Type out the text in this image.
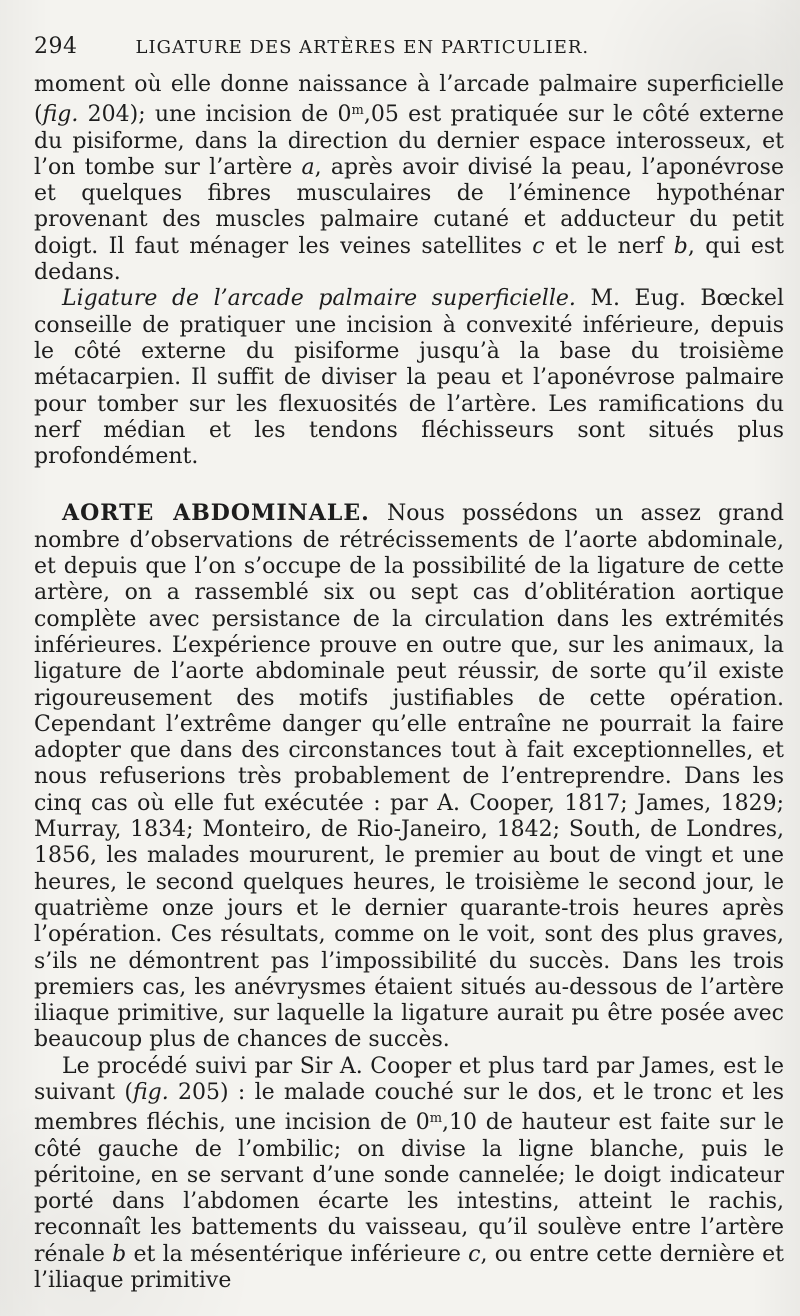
294	LIGATURE DES ARTÈRES EN PARTICULIER.

moment où elle donne naissance à l’arcade palmaire superficielle (fig. 204); une incision de 0$^m$,05 est pratiquée sur le côté externe du pisiforme, dans la direction du dernier espace interosseux, et l’on tombe sur l’artère a, après avoir divisé la peau, l’aponévrose et quelques fibres musculaires de l’éminence hypothénar provenant des muscles palmaire cutané et adducteur du petit doigt. Il faut ménager les veines satellites c et le nerf b, qui est dedans.

Ligature de l’arcade palmaire superficielle. M. Eug. Bœckel conseille de pratiquer une incision à convexité inférieure, depuis le côté externe du pisiforme jusqu’à la base du troisième métacarpien. Il suffit de diviser la peau et l’aponévrose palmaire pour tomber sur les flexuosités de l’artère. Les ramifications du nerf médian et les tendons fléchisseurs sont situés plus profondément.

AORTE ABDOMINALE. Nous possédons un assez grand nombre d’observations de rétrécissements de l’aorte abdominale, et depuis que l’on s’occupe de la possibilité de la ligature de cette artère, on a rassemblé six ou sept cas d’oblitération aortique complète avec persistance de la circulation dans les extrémités inférieures. L’expérience prouve en outre que, sur les animaux, la ligature de l’aorte abdominale peut réussir, de sorte qu’il existe rigoureusement des motifs justifiables de cette opération. Cependant l’extrême danger qu’elle entraîne ne pourrait la faire adopter que dans des circonstances tout à fait exceptionnelles, et nous refuserions très probablement de l’entreprendre. Dans les cinq cas où elle fut exécutée : par A. Cooper, 1817; James, 1829; Murray, 1834; Monteiro, de Rio-Janeiro, 1842; South, de Londres, 1856, les malades moururent, le premier au bout de vingt et une heures, le second quelques heures, le troisième le second jour, le quatrième onze jours et le dernier quarante-trois heures après l’opération. Ces résultats, comme on le voit, sont des plus graves, s’ils ne démontrent pas l’impossibilité du succès. Dans les trois premiers cas, les anévrysmes étaient situés au-dessous de l’artère iliaque primitive, sur laquelle la ligature aurait pu être posée avec beaucoup plus de chances de succès.

Le procédé suivi par Sir A. Cooper et plus tard par James, est le suivant (fig. 205) : le malade couché sur le dos, et le tronc et les membres fléchis, une incision de 0$^m$,10 de hauteur est faite sur le côté gauche de l’ombilic; on divise la ligne blanche, puis le péritoine, en se servant d’une sonde cannelée; le doigt indicateur porté dans l’abdomen écarte les intestins, atteint le rachis, reconnaît les battements du vaisseau, qu’il soulève entre l’artère rénale b et la mésentérique inférieure c, ou entre cette dernière et l’iliaque primitive
